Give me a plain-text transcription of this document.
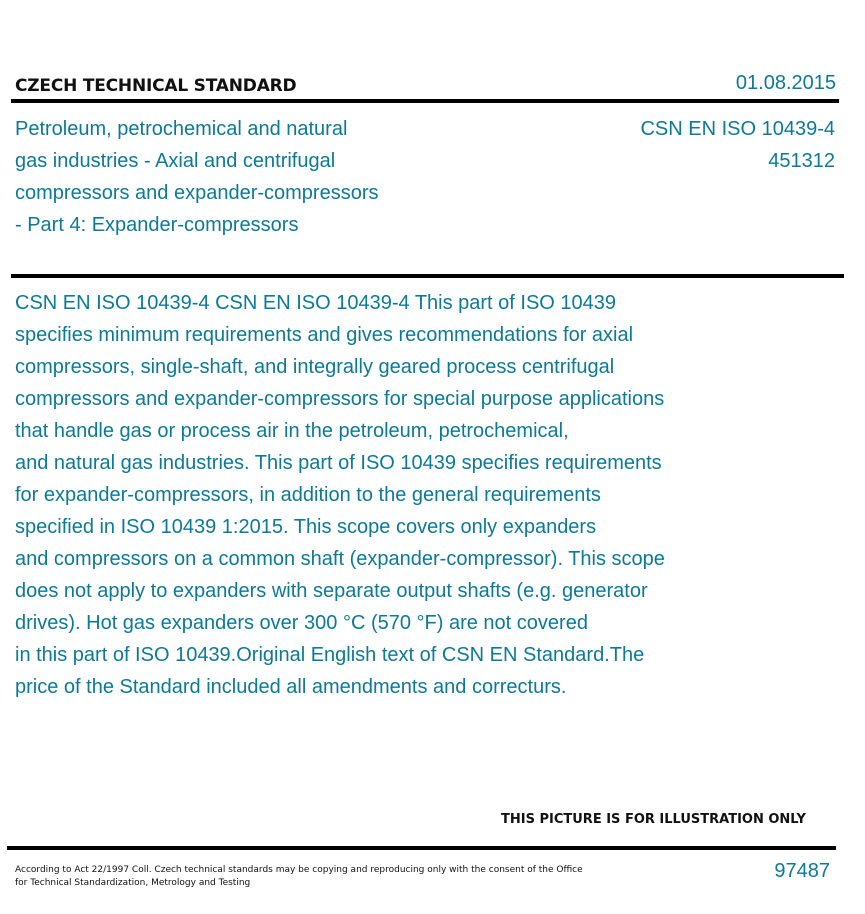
CZECH TECHNICAL STANDARD	01.08.2015
Petroleum, petrochemical and natural
gas industries - Axial and centrifugal
compressors and expander-compressors
- Part 4: Expander-compressors
CSN EN ISO 10439-4
451312
CSN EN ISO 10439-4 CSN EN ISO 10439-4 This part of ISO 10439
specifies minimum requirements and gives recommendations for axial
compressors, single-shaft, and integrally geared process centrifugal
compressors and expander-compressors for special purpose applications
that handle gas or process air in the petroleum, petrochemical,
and natural gas industries. This part of ISO 10439 specifies requirements
for expander-compressors, in addition to the general requirements
specified in ISO 10439 1:2015. This scope covers only expanders
and compressors on a common shaft (expander-compressor). This scope
does not apply to expanders with separate output shafts (e.g. generator
drives). Hot gas expanders over 300 °C (570 °F) are not covered
in this part of ISO 10439.Original English text of CSN EN Standard.The
price of the Standard included all amendments and correcturs.
THIS PICTURE IS FOR ILLUSTRATION ONLY
According to Act 22/1997 Coll. Czech technical standards may be copying and reproducing only with the consent of the Office
for Technical Standardization, Metrology and Testing
97487
